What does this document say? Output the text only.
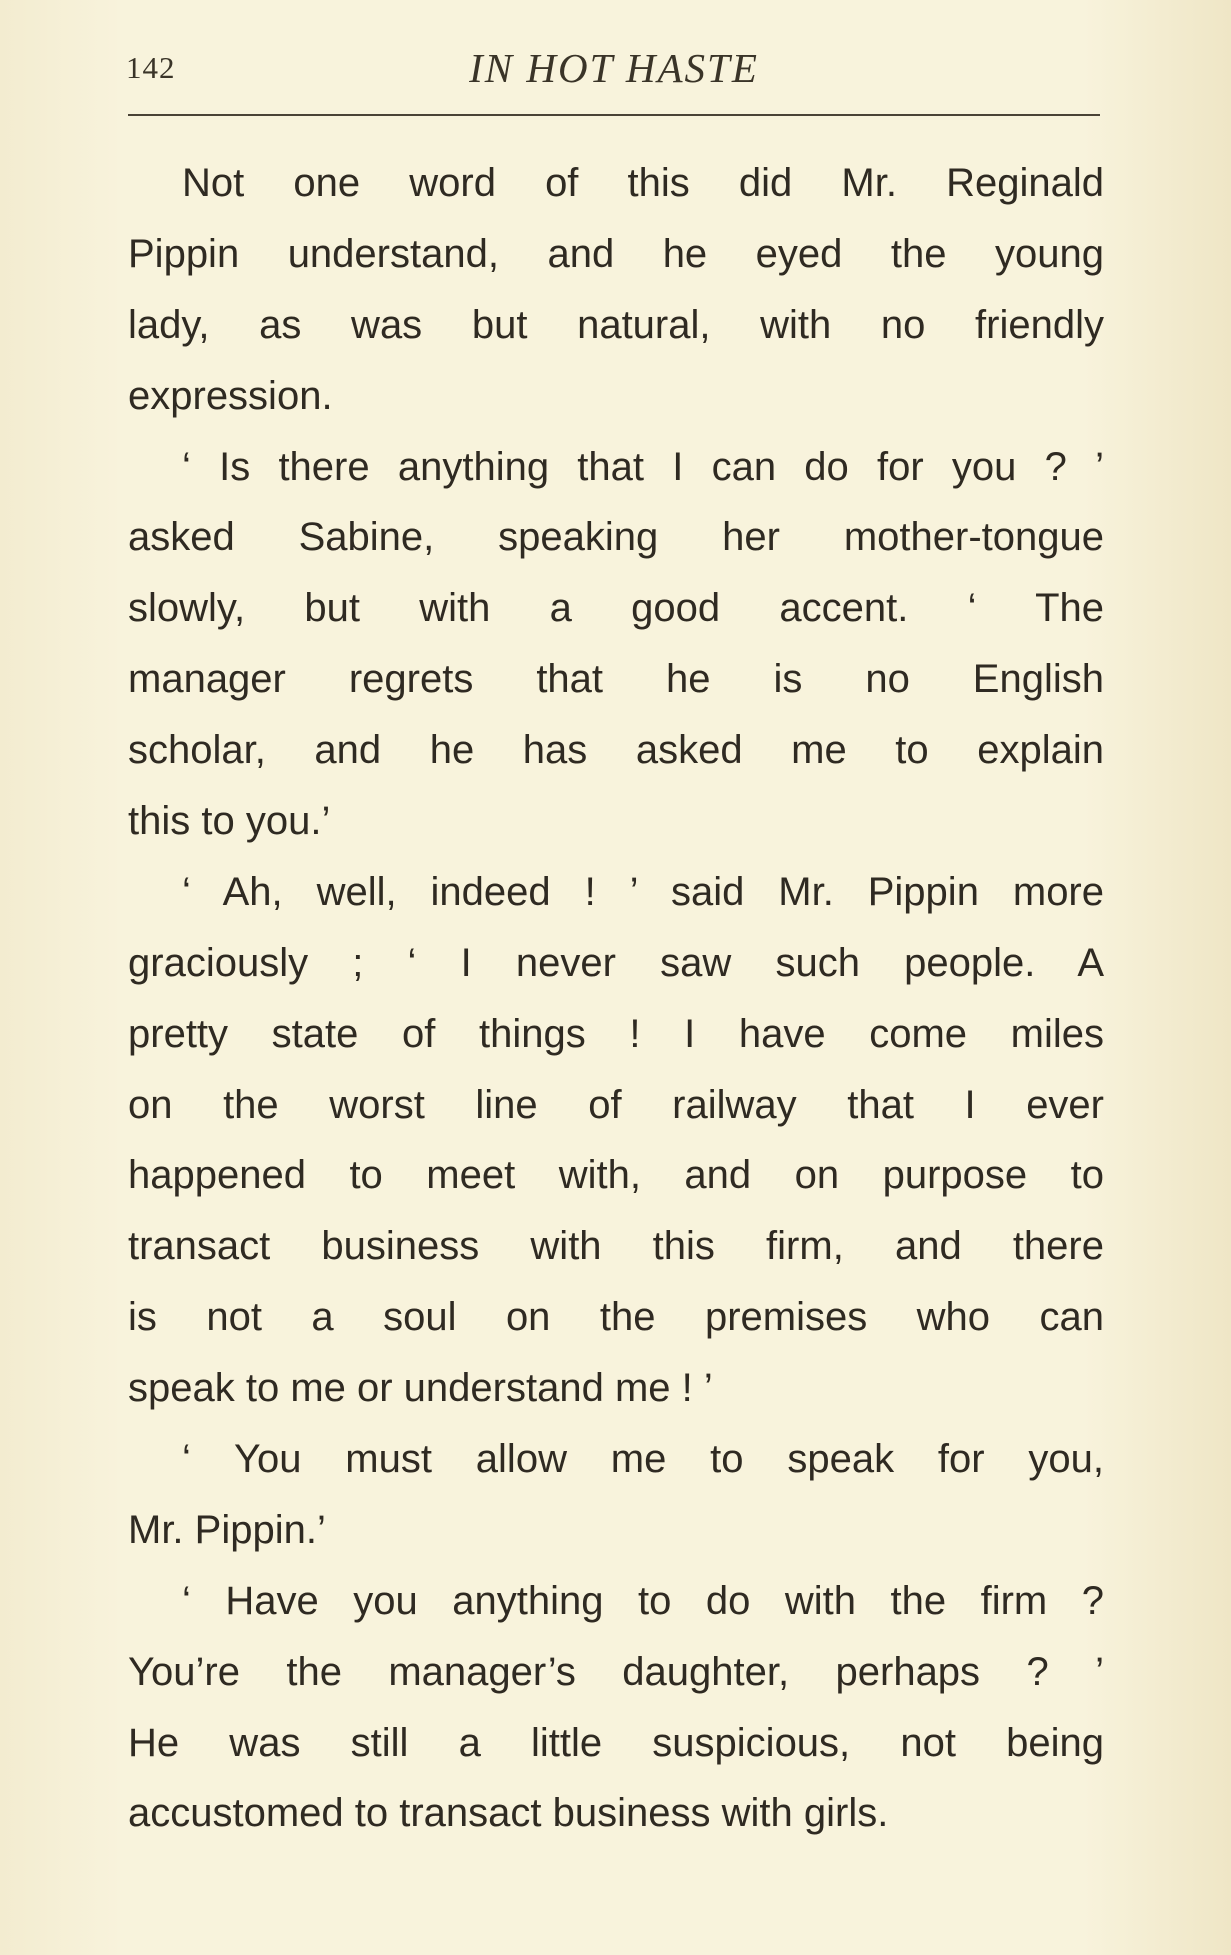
142	IN HOT HASTE
Not one word of this did Mr. Reginald
Pippin understand, and he eyed the young
lady, as was but natural, with no friendly
expression.
‘ Is there anything that I can do for you ? ’
asked Sabine, speaking her mother-tongue
slowly, but with a good accent. ‘ The
manager regrets that he is no English
scholar, and he has asked me to explain
this to you.’
‘ Ah, well, indeed ! ’ said Mr. Pippin more
graciously ; ‘ I never saw such people. A
pretty state of things ! I have come miles
on the worst line of railway that I ever
happened to meet with, and on purpose to
transact business with this firm, and there
is not a soul on the premises who can
speak to me or understand me ! ’
‘ You must allow me to speak for you,
Mr. Pippin.’
‘ Have you anything to do with the firm ?
You’re the manager’s daughter, perhaps ? ’
He was still a little suspicious, not being
accustomed to transact business with girls.
